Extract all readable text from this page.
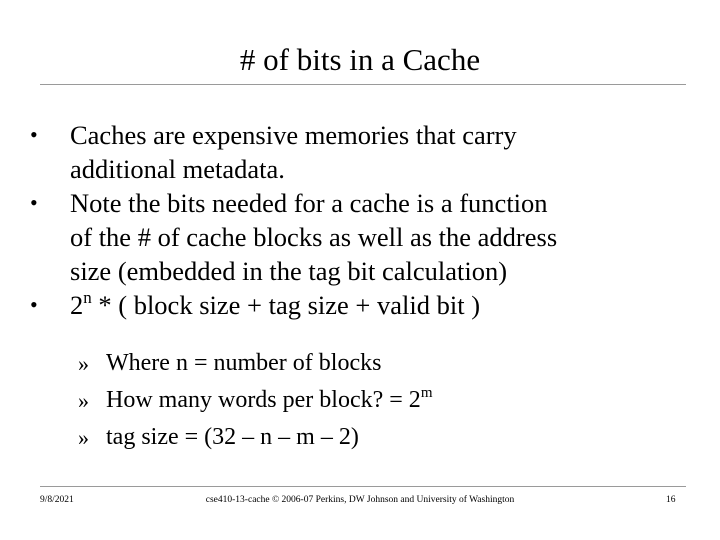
# of bits in a Cache
•	Caches are expensive memories that carry
additional metadata.
•	Note the bits needed for a cache is a function
of the # of cache blocks as well as the address
size (embedded in the tag bit calculation)
•	2$^n$ * ( block size + tag size + valid bit )
» Where n = number of blocks
» How many words per block? = $2^m$
» tag size = (32 – n – m – 2)
9/8/2021	cse410-13-cache © 2006-07 Perkins, DW Johnson and University of Washington	16
